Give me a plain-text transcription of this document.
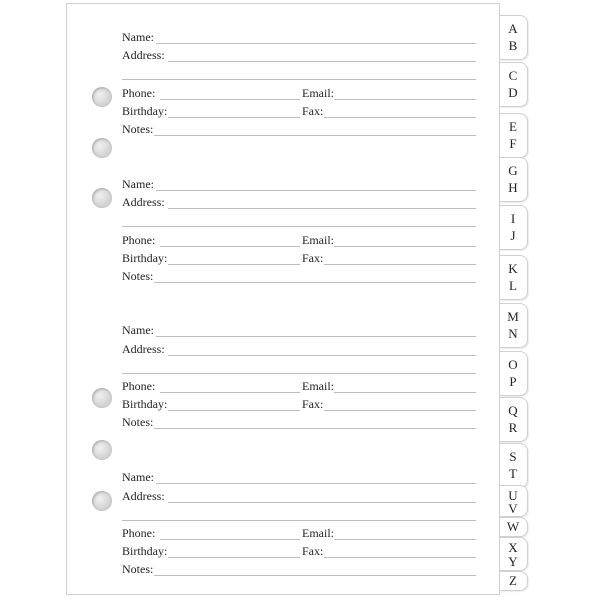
Name:
Address:
Phone:	Email:
Birthday:	Fax:
Notes:
Name:
Address:
Phone:	Email:
Birthday:	Fax:
Notes:
Name:
Address:
Phone:	Email:
Birthday:	Fax:
Notes:
Name:
Address:
Phone:	Email:
Birthday:	Fax:
Notes:
A
B
C
D
E
F
G
H
I
J
K
L
M
N
O
P
Q
R
S
T
U
V
W
X
Y
Z
